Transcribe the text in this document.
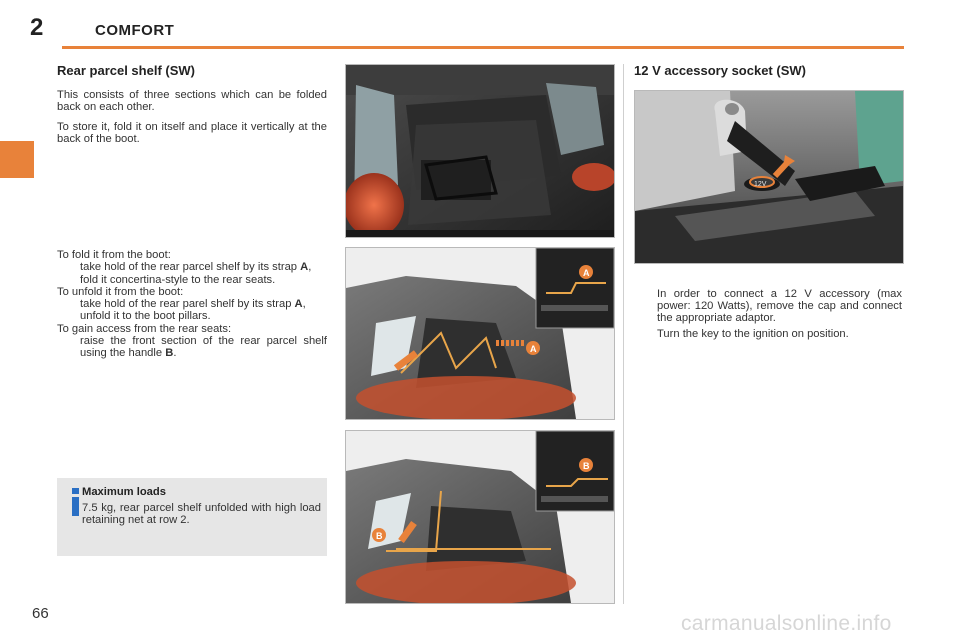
2	COMFORT
Rear parcel shelf (SW)

This consists of three sections which can be folded back on each other.

To store it, fold it on itself and place it vertically at the back of the boot.

To fold it from the boot:

take hold of the rear parcel shelf by its strap A,
fold it concertina-style to the rear seats.

To unfold it from the boot:

take hold of the rear parel shelf by its strap A,
unfold it to the boot pillars.

To gain access from the rear seats:

raise the front section of the rear parcel shelf using the handle B.
Maximum loads
7.5 kg, rear parcel shelf unfolded with high load retaining net at row 2.
A
A
B
B
12 V accessory socket (SW)
12V
In order to connect a 12 V accessory (max power: 120 Watts), remove the cap and connect the appropriate adaptor.
Turn the key to the ignition on position.
66	carmanualsonline.info
